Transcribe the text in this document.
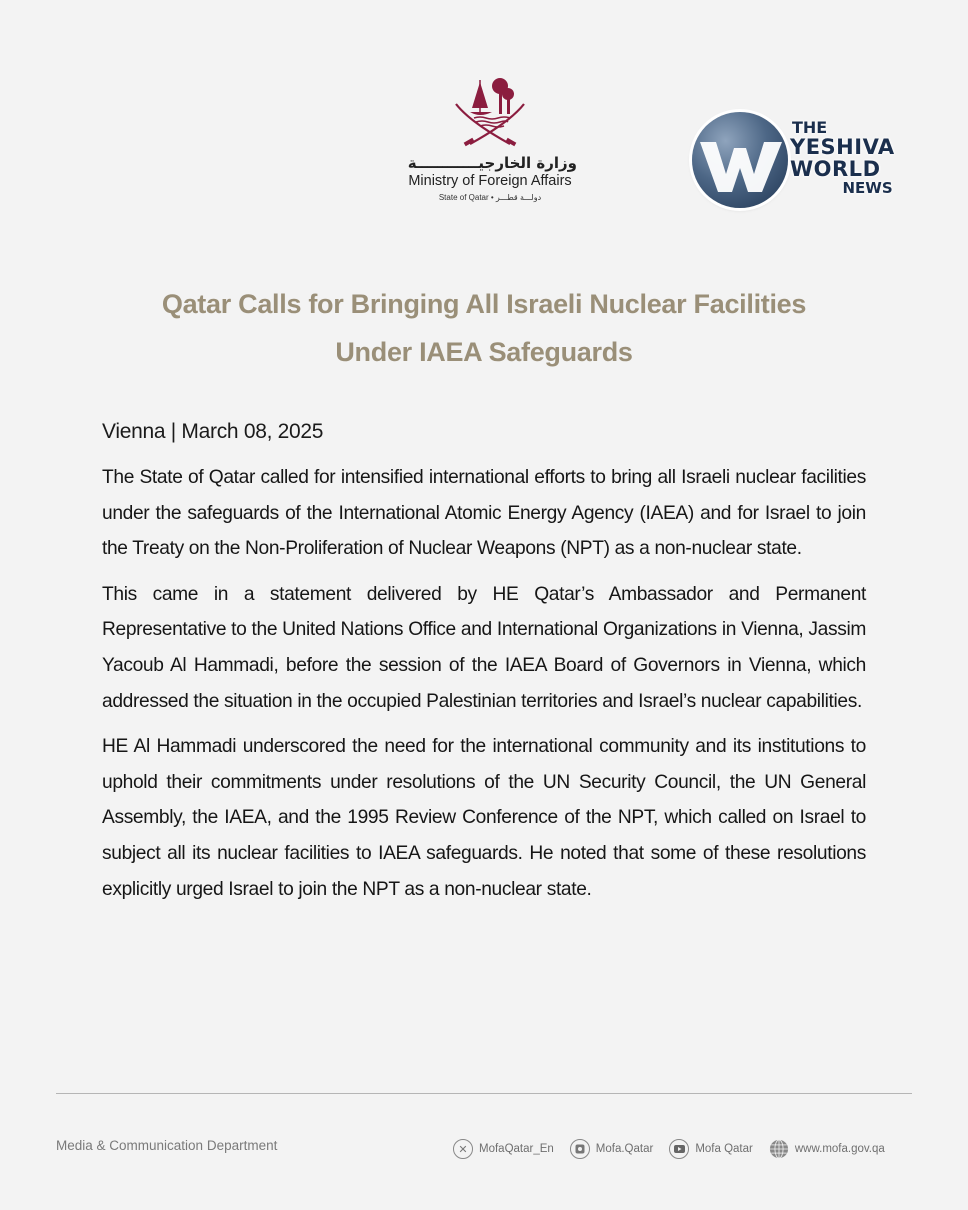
وزارة الخارجيــــــــــــة
Ministry of Foreign Affairs
State of Qatar • دولـــة قطـــر
THE
YESHIVA
WORLD
NEWS
Qatar Calls for Bringing All Israeli Nuclear Facilities
Under IAEA Safeguards
Vienna | March 08, 2025

The State of Qatar called for intensified international efforts to bring all Israeli nuclear facilities under the safeguards of the International Atomic Energy Agency (IAEA) and for Israel to join the Treaty on the Non-Proliferation of Nuclear Weapons (NPT) as a non-nuclear state.

This came in a statement delivered by HE Qatar’s Ambassador and Permanent Representative to the United Nations Office and International Organizations in Vienna, Jassim Yacoub Al Hammadi, before the session of the IAEA Board of Governors in Vienna, which addressed the situation in the occupied Palestinian territories and Israel’s nuclear capabilities.

HE Al Hammadi underscored the need for the international community and its institutions to uphold their commitments under resolutions of the UN Security Council, the UN General Assembly, the IAEA, and the 1995 Review Conference of the NPT, which called on Israel to subject all its nuclear facilities to IAEA safeguards. He noted that some of these resolutions explicitly urged Israel to join the NPT as a non-nuclear state.

Media & Communication Department	✕ MofaQatar_En	Mofa.Qatar	Mofa Qatar	www.mofa.gov.qa
